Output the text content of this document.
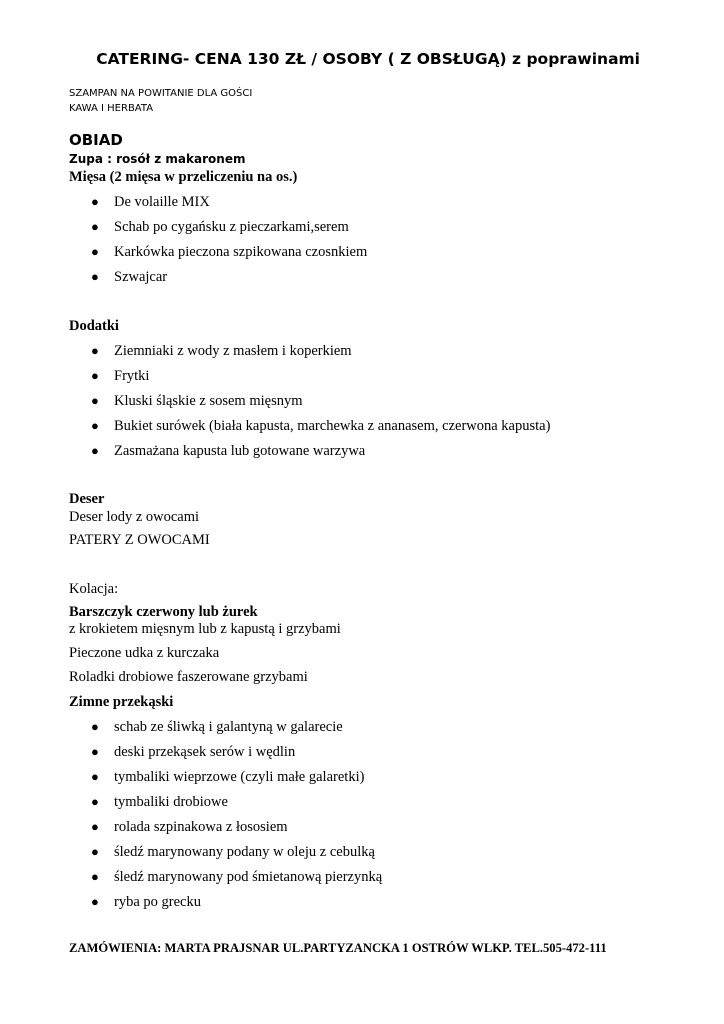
CATERING- CENA 130 ZŁ / OSOBY ( Z OBSŁUGĄ) z poprawinami
SZAMPAN NA POWITANIE DLA GOŚCI
KAWA I HERBATA
OBIAD
Zupa : rosół z makaronem
Mięsa (2 mięsa w przeliczeniu na os.)
● De volaille MIX
● Schab po cygańsku z pieczarkami,serem
● Karkówka pieczona szpikowana czosnkiem
● Szwajcar
Dodatki
● Ziemniaki z wody z masłem i koperkiem
● Frytki
● Kluski śląskie z sosem mięsnym
● Bukiet surówek (biała kapusta, marchewka z ananasem, czerwona kapusta)
● Zasmażana kapusta lub gotowane warzywa
Deser
Deser lody z owocami
PATERY Z OWOCAMI
Kolacja:
Barszczyk czerwony lub żurek
z krokietem mięsnym lub z kapustą i grzybami
Pieczone udka z kurczaka
Roladki drobiowe faszerowane grzybami
Zimne przekąski
● schab ze śliwką i galantyną w galarecie
● deski przekąsek serów i wędlin
● tymbaliki wieprzowe (czyli małe galaretki)
● tymbaliki drobiowe
● rolada szpinakowa z łososiem
● śledź marynowany podany w oleju z cebulką
● śledź marynowany pod śmietanową pierzynką
● ryba po grecku
ZAMÓWIENIA: MARTA PRAJSNAR UL.PARTYZANCKA 1 OSTRÓW WLKP. TEL.505-472-111
